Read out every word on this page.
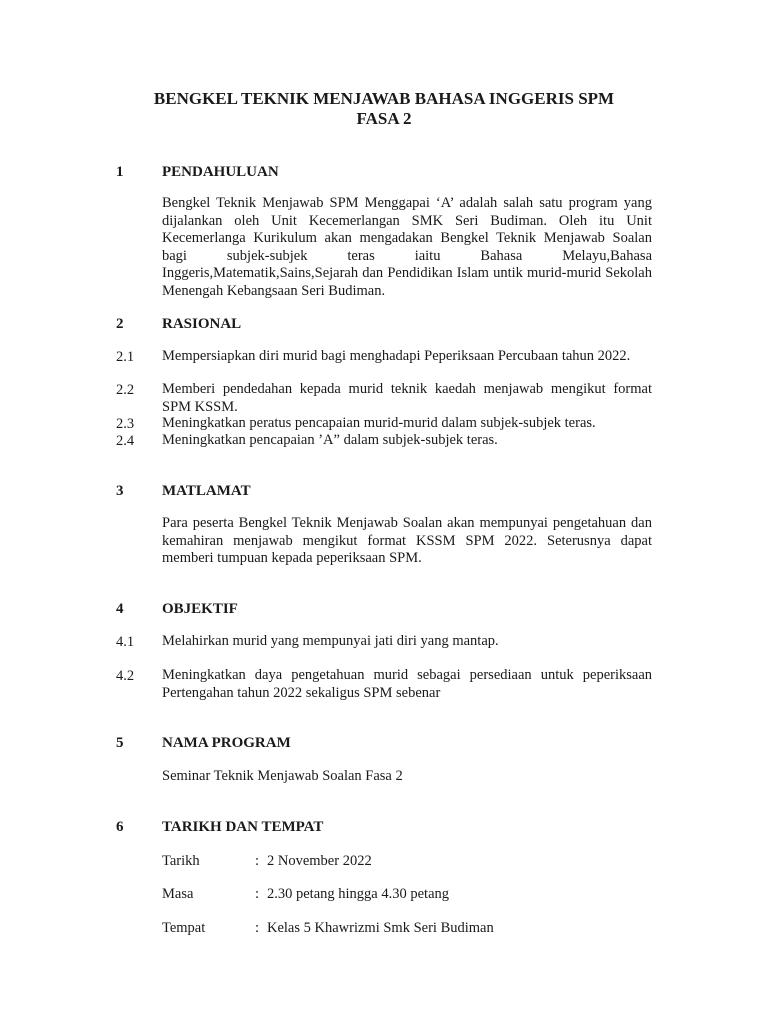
BENGKEL TEKNIK MENJAWAB BAHASA INGGERIS SPM
FASA 2
1	PENDAHULUAN
Bengkel Teknik Menjawab SPM Menggapai ‘A’ adalah salah satu program yang dijalankan oleh Unit Kecemerlangan SMK Seri Budiman. Oleh itu Unit Kecemerlanga Kurikulum akan mengadakan Bengkel Teknik Menjawab Soalan bagi subjek-subjek teras iaitu Bahasa Melayu,Bahasa Inggeris,Matematik,Sains,Sejarah dan Pendidikan Islam untik murid-murid Sekolah Menengah Kebangsaan Seri Budiman.
2	RASIONAL
2.1 Mempersiapkan diri murid bagi menghadapi Peperiksaan Percubaan tahun 2022.
2.2 Memberi pendedahan kepada murid teknik kaedah menjawab mengikut format SPM KSSM.
2.3 Meningkatkan peratus pencapaian murid-murid dalam subjek-subjek teras.
2.4 Meningkatkan pencapaian ’A” dalam subjek-subjek teras.
3	MATLAMAT
Para peserta Bengkel Teknik Menjawab Soalan akan mempunyai pengetahuan dan kemahiran menjawab mengikut format KSSM SPM 2022. Seterusnya dapat memberi tumpuan kepada peperiksaan SPM.
4	OBJEKTIF
4.1 Melahirkan murid yang mempunyai jati diri yang mantap.
4.2 Meningkatkan daya pengetahuan murid sebagai persediaan untuk peperiksaan Pertengahan tahun 2022 sekaligus SPM sebenar
5	NAMA PROGRAM
Seminar Teknik Menjawab Soalan Fasa 2
6	TARIKH DAN TEMPAT
Tarikh	: 2 November 2022
Masa	: 2.30 petang hingga 4.30 petang
Tempat	: Kelas 5 Khawrizmi Smk Seri Budiman
